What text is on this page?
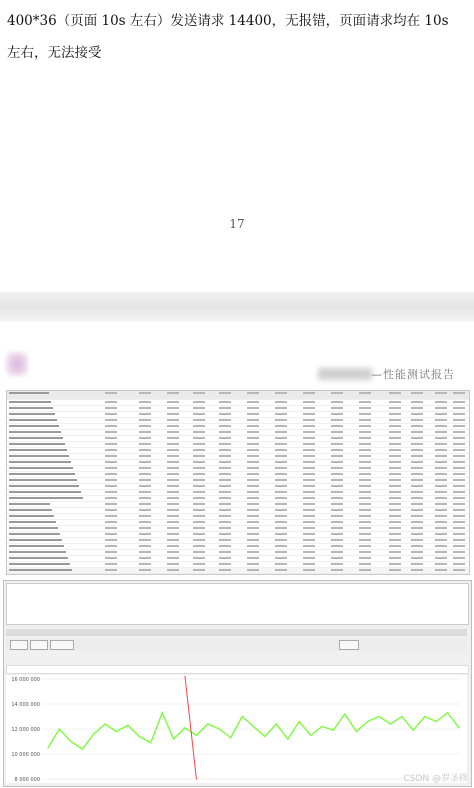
400*36（页面 10s 左右）发送请求 14400，无报错，页面请求均在 10s
左右，无法接受
17
—性能测试报告
16 000 000
14 000 000
12 000 000
10 000 000
8 000 000	CSDN @罗圣修
